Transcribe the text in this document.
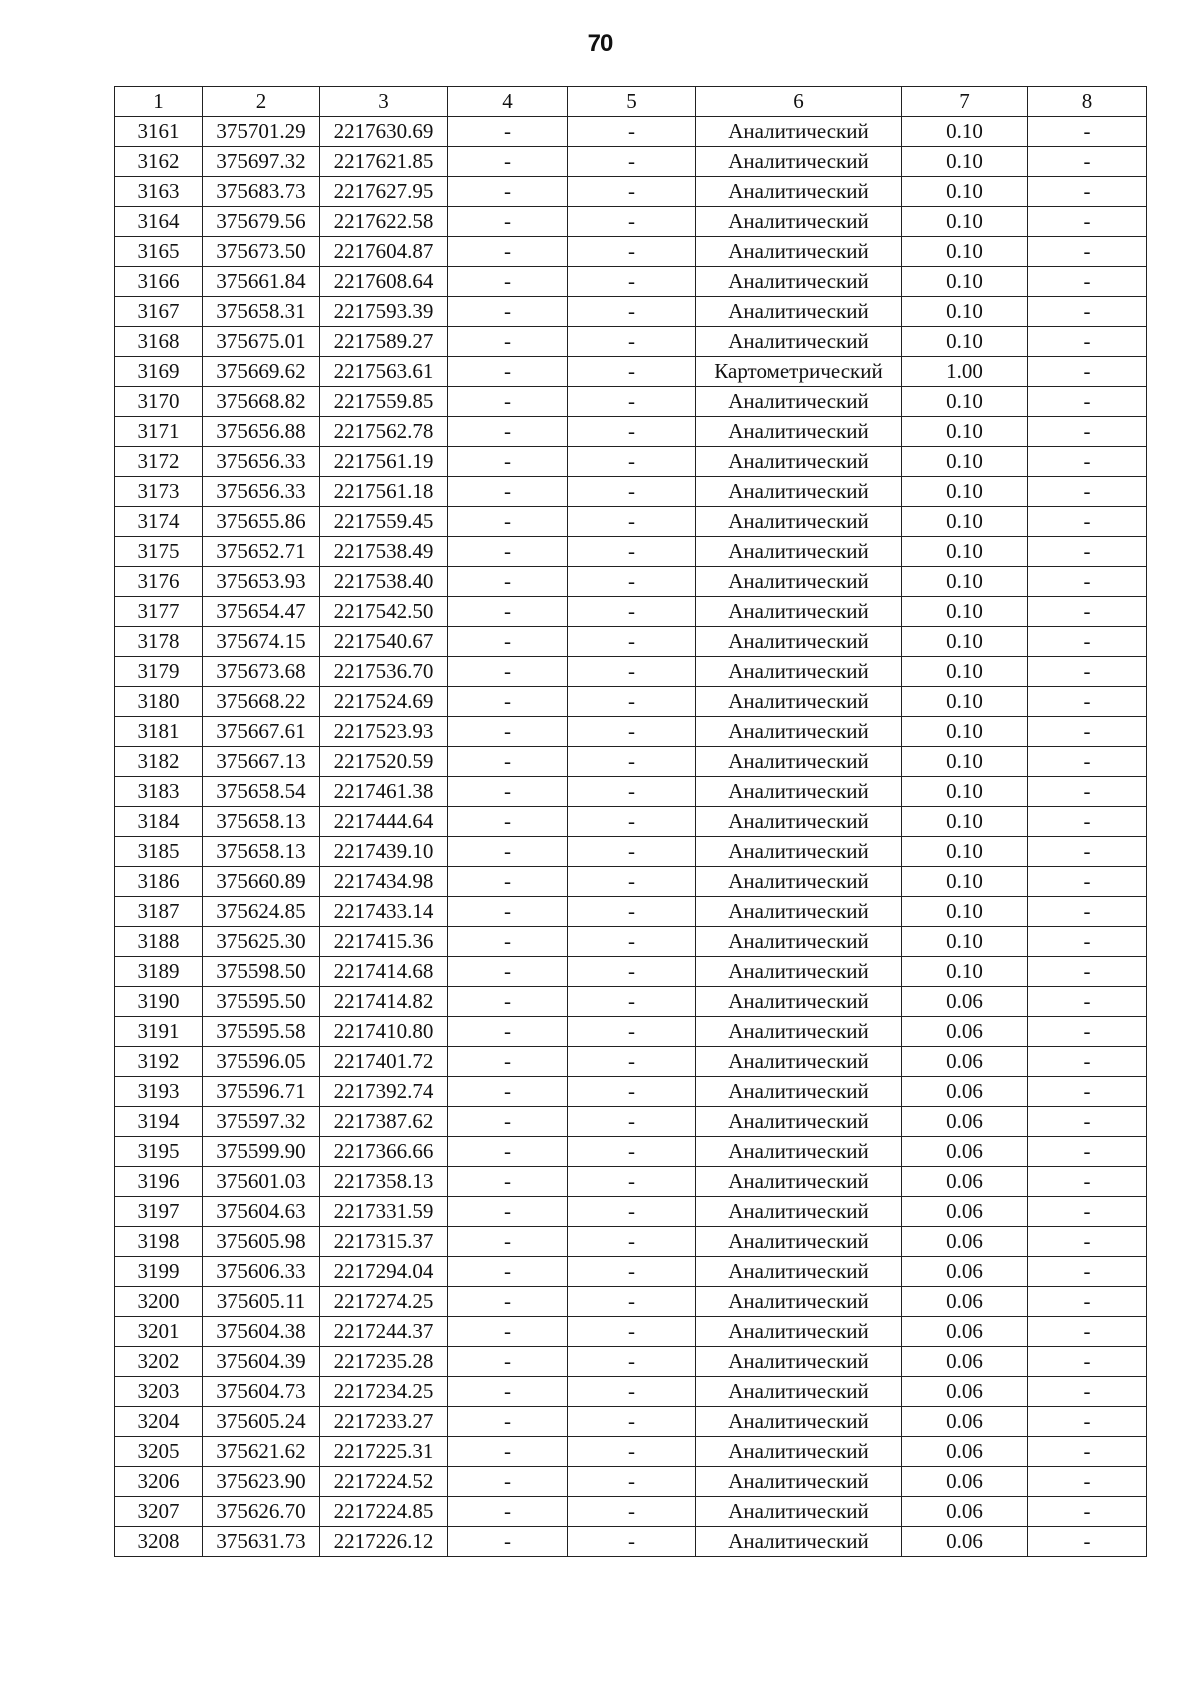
70
1	2	3	4	5	6	7	8
3161	375701.29	2217630.69	-	-	Аналитический	0.10	-
3162	375697.32	2217621.85	-	-	Аналитический	0.10	-
3163	375683.73	2217627.95	-	-	Аналитический	0.10	-
3164	375679.56	2217622.58	-	-	Аналитический	0.10	-
3165	375673.50	2217604.87	-	-	Аналитический	0.10	-
3166	375661.84	2217608.64	-	-	Аналитический	0.10	-
3167	375658.31	2217593.39	-	-	Аналитический	0.10	-
3168	375675.01	2217589.27	-	-	Аналитический	0.10	-
3169	375669.62	2217563.61	-	-	Картометрический	1.00	-
3170	375668.82	2217559.85	-	-	Аналитический	0.10	-
3171	375656.88	2217562.78	-	-	Аналитический	0.10	-
3172	375656.33	2217561.19	-	-	Аналитический	0.10	-
3173	375656.33	2217561.18	-	-	Аналитический	0.10	-
3174	375655.86	2217559.45	-	-	Аналитический	0.10	-
3175	375652.71	2217538.49	-	-	Аналитический	0.10	-
3176	375653.93	2217538.40	-	-	Аналитический	0.10	-
3177	375654.47	2217542.50	-	-	Аналитический	0.10	-
3178	375674.15	2217540.67	-	-	Аналитический	0.10	-
3179	375673.68	2217536.70	-	-	Аналитический	0.10	-
3180	375668.22	2217524.69	-	-	Аналитический	0.10	-
3181	375667.61	2217523.93	-	-	Аналитический	0.10	-
3182	375667.13	2217520.59	-	-	Аналитический	0.10	-
3183	375658.54	2217461.38	-	-	Аналитический	0.10	-
3184	375658.13	2217444.64	-	-	Аналитический	0.10	-
3185	375658.13	2217439.10	-	-	Аналитический	0.10	-
3186	375660.89	2217434.98	-	-	Аналитический	0.10	-
3187	375624.85	2217433.14	-	-	Аналитический	0.10	-
3188	375625.30	2217415.36	-	-	Аналитический	0.10	-
3189	375598.50	2217414.68	-	-	Аналитический	0.10	-
3190	375595.50	2217414.82	-	-	Аналитический	0.06	-
3191	375595.58	2217410.80	-	-	Аналитический	0.06	-
3192	375596.05	2217401.72	-	-	Аналитический	0.06	-
3193	375596.71	2217392.74	-	-	Аналитический	0.06	-
3194	375597.32	2217387.62	-	-	Аналитический	0.06	-
3195	375599.90	2217366.66	-	-	Аналитический	0.06	-
3196	375601.03	2217358.13	-	-	Аналитический	0.06	-
3197	375604.63	2217331.59	-	-	Аналитический	0.06	-
3198	375605.98	2217315.37	-	-	Аналитический	0.06	-
3199	375606.33	2217294.04	-	-	Аналитический	0.06	-
3200	375605.11	2217274.25	-	-	Аналитический	0.06	-
3201	375604.38	2217244.37	-	-	Аналитический	0.06	-
3202	375604.39	2217235.28	-	-	Аналитический	0.06	-
3203	375604.73	2217234.25	-	-	Аналитический	0.06	-
3204	375605.24	2217233.27	-	-	Аналитический	0.06	-
3205	375621.62	2217225.31	-	-	Аналитический	0.06	-
3206	375623.90	2217224.52	-	-	Аналитический	0.06	-
3207	375626.70	2217224.85	-	-	Аналитический	0.06	-
3208	375631.73	2217226.12	-	-	Аналитический	0.06	-
